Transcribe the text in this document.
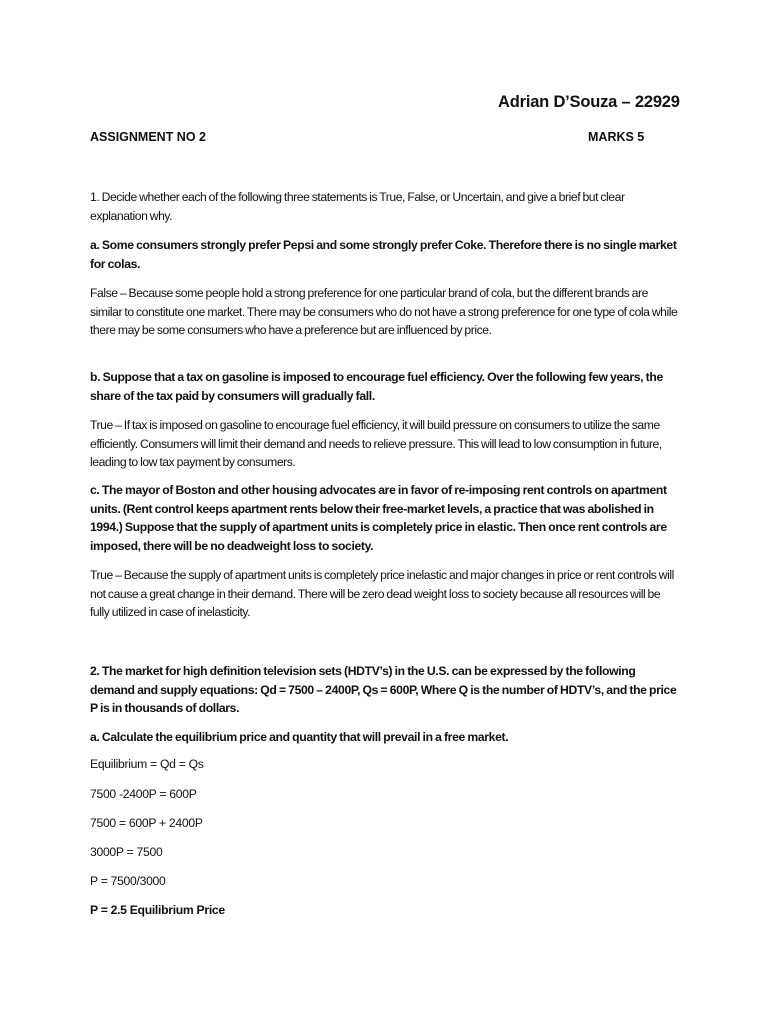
Adrian D’Souza – 22929

ASSIGNMENT NO 2	MARKS 5

1. Decide whether each of the following three statements is True, False, or Uncertain, and give a brief but clear explanation why.

a. Some consumers strongly prefer Pepsi and some strongly prefer Coke. Therefore there is no single market for colas.

False – Because some people hold a strong preference for one particular brand of cola, but the different brands are similar to constitute one market. There may be consumers who do not have a strong preference for one type of cola while there may be some consumers who have a preference but are influenced by price.

b. Suppose that a tax on gasoline is imposed to encourage fuel efficiency. Over the following few years, the share of the tax paid by consumers will gradually fall.

True – If tax is imposed on gasoline to encourage fuel efficiency, it will build pressure on consumers to utilize the same efficiently. Consumers will limit their demand and needs to relieve pressure. This will lead to low consumption in future, leading to low tax payment by consumers.

c. The mayor of Boston and other housing advocates are in favor of re-imposing rent controls on apartment units. (Rent control keeps apartment rents below their free-market levels, a practice that was abolished in 1994.) Suppose that the supply of apartment units is completely price in elastic. Then once rent controls are imposed, there will be no deadweight loss to society.

True – Because the supply of apartment units is completely price inelastic and major changes in price or rent controls will not cause a great change in their demand. There will be zero dead weight loss to society because all resources will be fully utilized in case of inelasticity.

2. The market for high definition television sets (HDTV’s) in the U.S. can be expressed by the following demand and supply equations: Qd = 7500 – 2400P, Qs = 600P, Where Q is the number of HDTV’s, and the price P is in thousands of dollars.

a. Calculate the equilibrium price and quantity that will prevail in a free market.

Equilibrium = Qd = Qs

7500 -2400P = 600P

7500 = 600P + 2400P

3000P = 7500

P = 7500/3000

P = 2.5 Equilibrium Price
